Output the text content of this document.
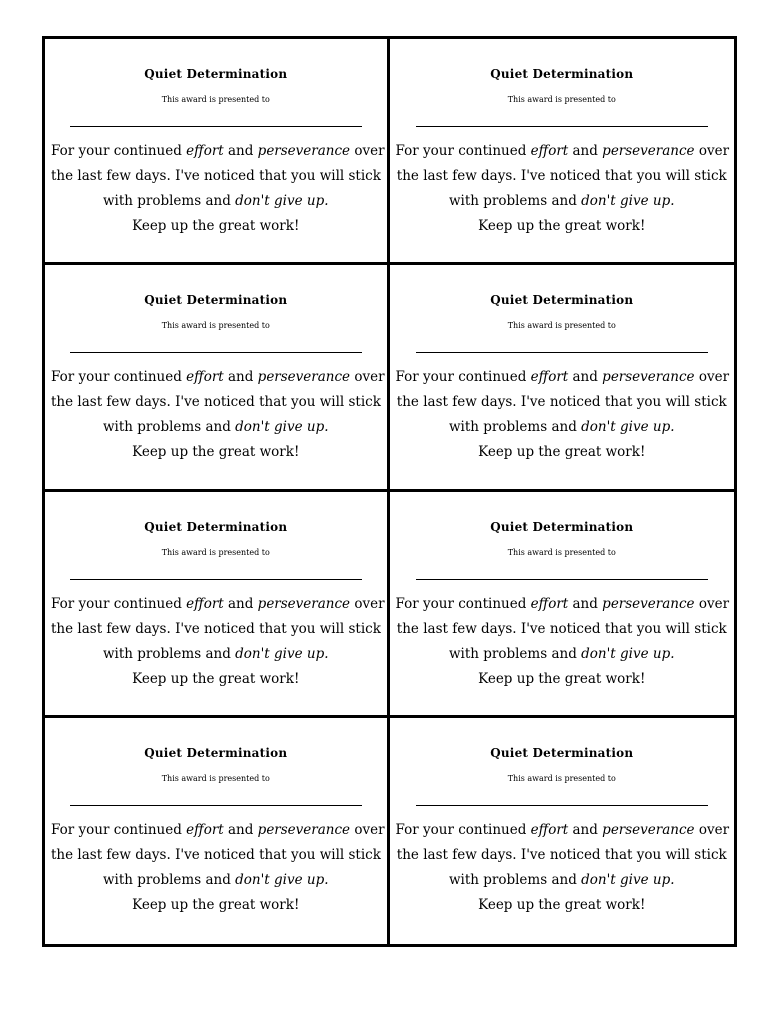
Quiet Determination
This award is presented to
For your continued effort and perseverance over
the last few days. I've noticed that you will stick
with problems and don't give up.
Keep up the great work!
Quiet Determination
This award is presented to
For your continued effort and perseverance over
the last few days. I've noticed that you will stick
with problems and don't give up.
Keep up the great work!
Quiet Determination
This award is presented to
For your continued effort and perseverance over
the last few days. I've noticed that you will stick
with problems and don't give up.
Keep up the great work!
Quiet Determination
This award is presented to
For your continued effort and perseverance over
the last few days. I've noticed that you will stick
with problems and don't give up.
Keep up the great work!
Quiet Determination
This award is presented to
For your continued effort and perseverance over
the last few days. I've noticed that you will stick
with problems and don't give up.
Keep up the great work!
Quiet Determination
This award is presented to
For your continued effort and perseverance over
the last few days. I've noticed that you will stick
with problems and don't give up.
Keep up the great work!
Quiet Determination
This award is presented to
For your continued effort and perseverance over
the last few days. I've noticed that you will stick
with problems and don't give up.
Keep up the great work!
Quiet Determination
This award is presented to
For your continued effort and perseverance over
the last few days. I've noticed that you will stick
with problems and don't give up.
Keep up the great work!
